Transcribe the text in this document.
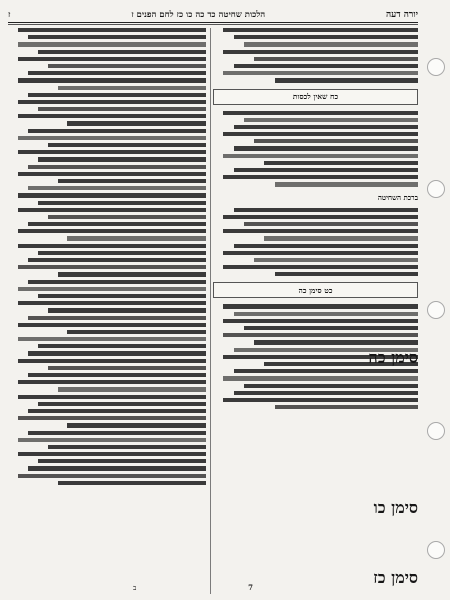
יורה דעה
הלכות שחיטה כד כה כו כז לחם הפנים ז
ז
כח שאין לכסות
ברכת השחיטה
כט סימן כה
סימן כה
סימן כו
סימן כז
7
ב
